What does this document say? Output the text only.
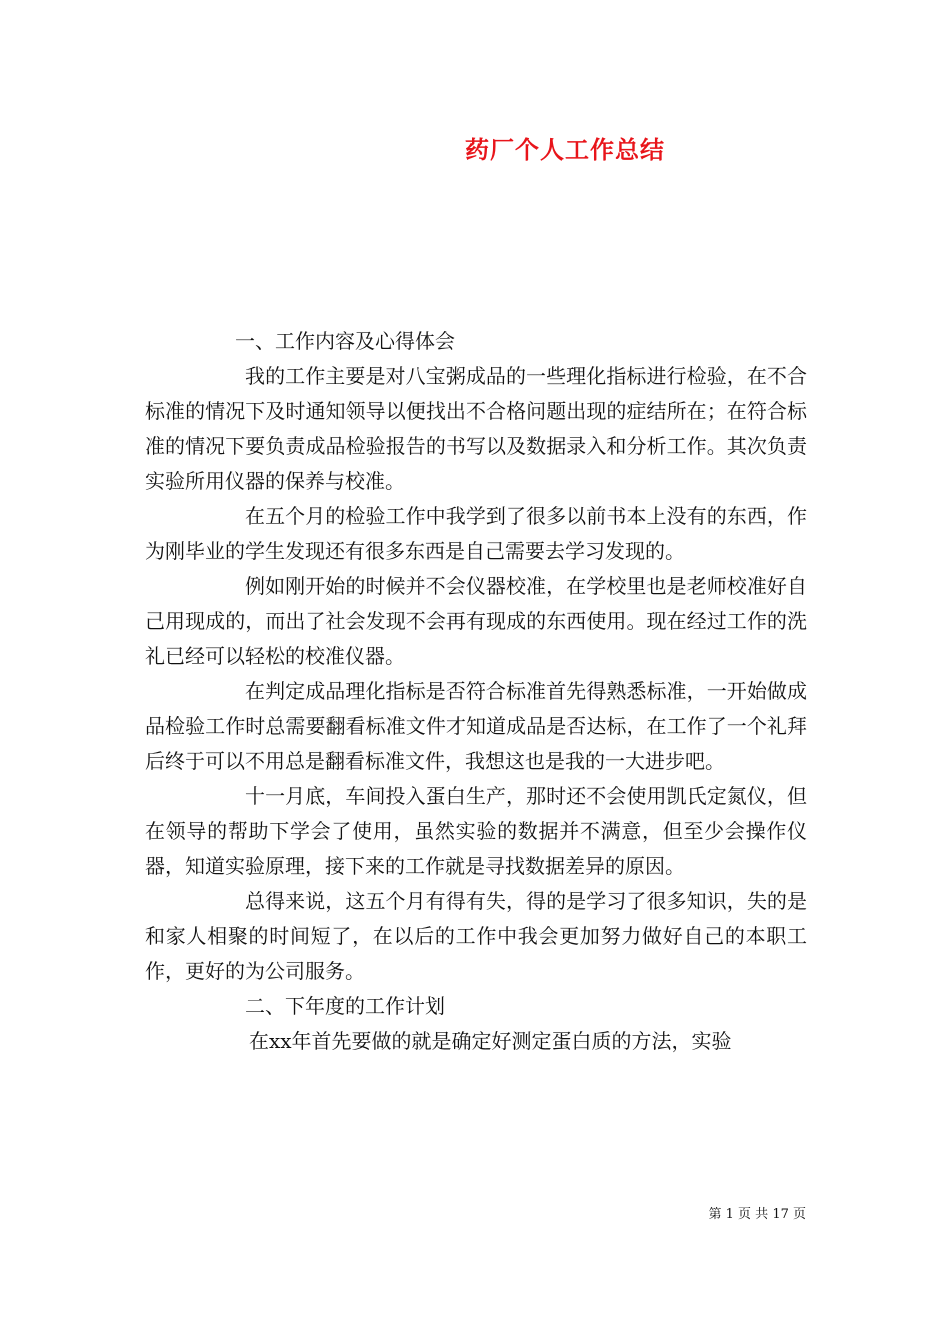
药厂个人工作总结

一、工作内容及心得体会

我的工作主要是对八宝粥成品的一些理化指标进行检验，在不合标准的情况下及时通知领导以便找出不合格问题出现的症结所在；在符合标准的情况下要负责成品检验报告的书写以及数据录入和分析工作。其次负责实验所用仪器的保养与校准。

在五个月的检验工作中我学到了很多以前书本上没有的东西，作为刚毕业的学生发现还有很多东西是自己需要去学习发现的。

例如刚开始的时候并不会仪器校准，在学校里也是老师校准好自己用现成的，而出了社会发现不会再有现成的东西使用。现在经过工作的洗礼已经可以轻松的校准仪器。

在判定成品理化指标是否符合标准首先得熟悉标准，一开始做成品检验工作时总需要翻看标准文件才知道成品是否达标，在工作了一个礼拜后终于可以不用总是翻看标准文件，我想这也是我的一大进步吧。

十一月底，车间投入蛋白生产，那时还不会使用凯氏定氮仪，但在领导的帮助下学会了使用，虽然实验的数据并不满意，但至少会操作仪器，知道实验原理，接下来的工作就是寻找数据差异的原因。

总得来说，这五个月有得有失，得的是学习了很多知识，失的是和家人相聚的时间短了，在以后的工作中我会更加努力做好自己的本职工作，更好的为公司服务。

二、下年度的工作计划

在xx年首先要做的就是确定好测定蛋白质的方法，实验

第 1 页 共 17 页
